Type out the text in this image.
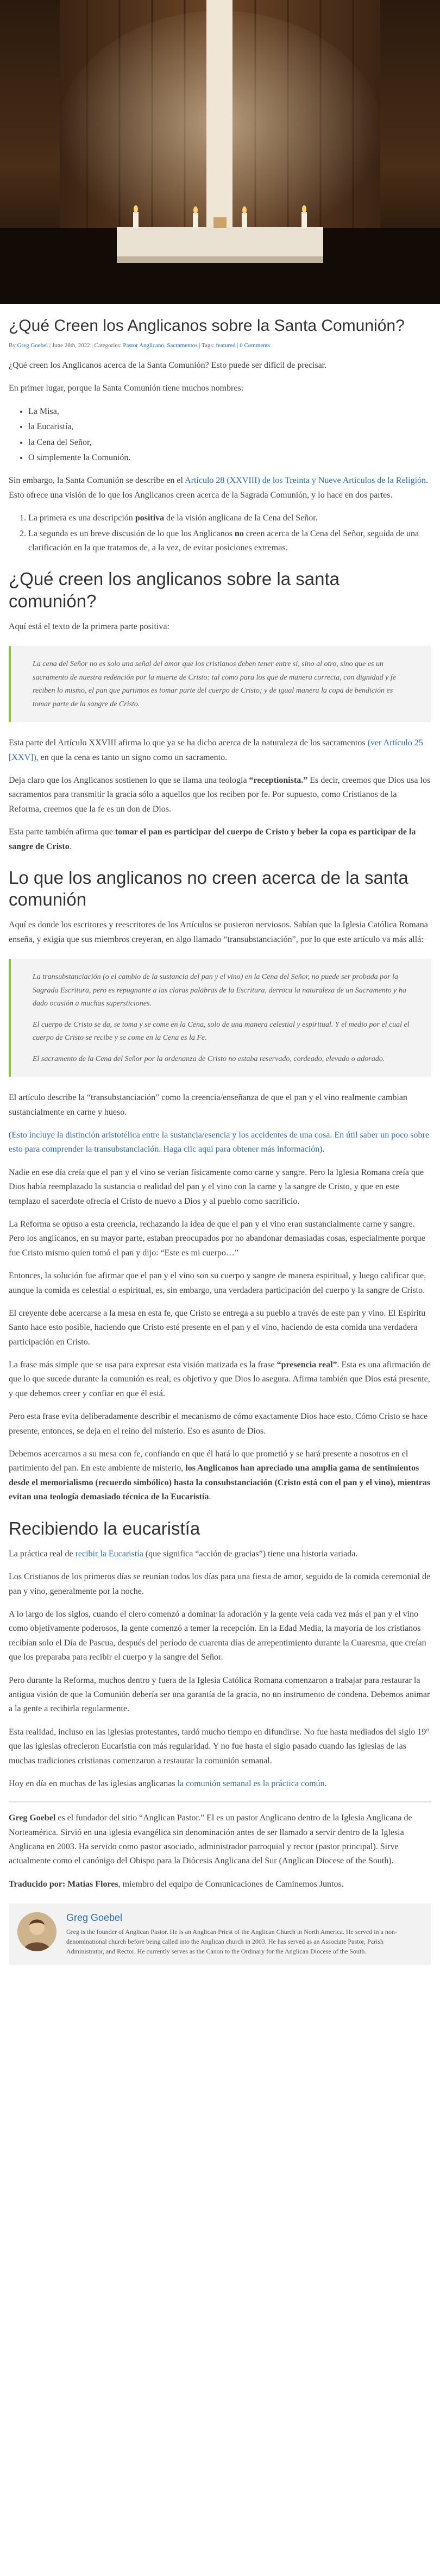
¿Qué Creen los Anglicanos sobre la Santa Comunión?
By Greg Goebel | June 28th, 2022 | Categories: Pastor Anglicano, Sacramentos | Tags: featured | 0 Comments

¿Qué creen los Anglicanos acerca de la Santa Comunión? Esto puede ser difícil de precisar.

En primer lugar, porque la Santa Comunión tiene muchos nombres:

• La Misa,
• la Eucaristía,
• la Cena del Señor,
• O simplemente la Comunión.

Sin embargo, la Santa Comunión se describe en el Artículo 28 (XXVIII) de los Treinta y Nueve Artículos de la Religión. Esto ofrece una visión de lo que los Anglicanos creen acerca de la Sagrada Comunión, y lo hace en dos partes.

1. La primera es una descripción positiva de la visión anglicana de la Cena del Señor.
2. La segunda es un breve discusión de lo que los Anglicanos no creen acerca de la Cena del Señor, seguida de una clarificación en la que tratamos de, a la vez, de evitar posiciones extremas.
¿Qué creen los anglicanos sobre la santa comunión?

Aquí está el texto de la primera parte positiva:

La cena del Señor no es solo una señal del amor que los cristianos deben tener entre sí, sino al otro, sino que es un sacramento de nuestra redención por la muerte de Cristo: tal como para los que de manera correcta, con dignidad y fe reciben lo mismo, el pan que partimos es tomar parte del cuerpo de Cristo; y de igual manera la copa de bendición es tomar parte de la sangre de Cristo.

Esta parte del Artículo XXVIII afirma lo que ya se ha dicho acerca de la naturaleza de los sacramentos (ver Artículo 25 [XXV]), en que la cena es tanto un signo como un sacramento.

Deja claro que los Anglicanos sostienen lo que se llama una teología “receptionista.” Es decir, creemos que Dios usa los sacramentos para transmitir la gracia sólo a aquellos que los reciben por fe. Por supuesto, como Cristianos de la Reforma, creemos que la fe es un don de Dios.

Esta parte también afirma que tomar el pan es participar del cuerpo de Cristo y beber la copa es participar de la sangre de Cristo.

Lo que los anglicanos no creen acerca de la santa comunión

Aquí es donde los escritores y reescritores de los Artículos se pusieron nerviosos. Sabían que la Iglesia Católica Romana enseña, y exigía que sus miembros creyeran, en algo llamado “transubstanciación”, por lo que este artículo va más allá:

La transubstanciación (o el cambio de la sustancia del pan y el vino) en la Cena del Señor, no puede ser probada por la Sagrada Escritura, pero es repugnante a las claras palabras de la Escritura, derroca la naturaleza de un Sacramento y ha dado ocasión a muchas supersticiones.

El cuerpo de Cristo se da, se toma y se come en la Cena, solo de una manera celestial y espiritual. Y el medio por el cual el cuerpo de Cristo se recibe y se come en la Cena es la Fe.

El sacramento de la Cena del Señor por la ordenanza de Cristo no estaba reservado, cordeado, elevado o adorado.

El artículo describe la “transubstanciación” como la creencia/enseñanza de que el pan y el vino realmente cambian sustancialmente en carne y hueso.

(Esto incluye la distinción aristotélica entre la sustancia/esencia y los accidentes de una cosa. En útil saber un poco sobre esto para comprender la transubstanciación. Haga clic aquí para obtener más información).

Nadie en ese día creía que el pan y el vino se verían físicamente como carne y sangre. Pero la Iglesia Romana creía que Dios había reemplazado la sustancia o realidad del pan y el vino con la carne y la sangre de Cristo, y que en este templazo el sacerdote ofrecía el Cristo de nuevo a Dios y al pueblo como sacrificio.

La Reforma se opuso a esta creencia, rechazando la idea de que el pan y el vino eran sustancialmente carne y sangre. Pero los anglicanos, en su mayor parte, estaban preocupados por no abandonar demasiadas cosas, especialmente porque fue Cristo mismo quien tomó el pan y dijo: “Este es mi cuerpo…”

Entonces, la solución fue afirmar que el pan y el vino son su cuerpo y sangre de manera espiritual, y luego calificar que, aunque la comida es celestial o espiritual, es, sin embargo, una verdadera participación del cuerpo y la sangre de Cristo.

El creyente debe acercarse a la mesa en esta fe, que Cristo se entrega a su pueblo a través de este pan y vino. El Espíritu Santo hace esto posible, haciendo que Cristo esté presente en el pan y el vino, haciendo de esta comida una verdadera participación en Cristo.

La frase más simple que se usa para expresar esta visión matizada es la frase “presencia real”. Esta es una afirmación de que lo que sucede durante la comunión es real, es objetivo y que Dios lo asegura. Afirma también que Dios está presente, y que debemos creer y confiar en que él está.

Pero esta frase evita deliberadamente describir el mecanismo de cómo exactamente Dios hace esto. Cómo Cristo se hace presente, entonces, se deja en el reino del misterio. Eso es asunto de Dios.

Debemos acercarnos a su mesa con fe, confiando en que él hará lo que prometió y se hará presente a nosotros en el partimiento del pan. En este ambiente de misterio, los Anglicanos han apreciado una amplia gama de sentimientos desde el memorialismo (recuerdo simbólico) hasta la consubstanciación (Cristo está con el pan y el vino), mientras evitan una teología demasiado técnica de la Eucaristía.

Recibiendo la eucaristía

La práctica real de recibir la Eucaristía (que significa “acción de gracias”) tiene una historia variada.

Los Cristianos de los primeros días se reunían todos los días para una fiesta de amor, seguido de la comida ceremonial de pan y vino, generalmente por la noche.

A lo largo de los siglos, cuando el clero comenzó a dominar la adoración y la gente veía cada vez más el pan y el vino como objetivamente poderosos, la gente comenzó a temer la recepción. En la Edad Media, la mayoría de los cristianos recibían solo el Día de Pascua, después del período de cuarenta días de arrepentimiento durante la Cuaresma, que creían que los preparaba para recibir el cuerpo y la sangre del Señor.

Pero durante la Reforma, muchos dentro y fuera de la Iglesia Católica Romana comenzaron a trabajar para restaurar la antigua visión de que la Comunión debería ser una garantía de la gracia, no un instrumento de condena. Debemos animar a la gente a recibirla regularmente.

Esta realidad, incluso en las iglesias protestantes, tardó mucho tiempo en difundirse. No fue hasta mediados del siglo 19° que las iglesias ofrecieron Eucaristía con más regularidad. Y no fue hasta el siglo pasado cuando las iglesias de las muchas tradiciones cristianas comenzaron a restaurar la comunión semanal.

Hoy en día en muchas de las iglesias anglicanas la comunión semanal es la práctica común.

Greg Goebel es el fundador del sitio “Anglican Pastor.” El es un pastor Anglicano dentro de la Iglesia Anglicana de Norteamérica. Sirvió en una iglesia evangélica sin denominación antes de ser llamado a servir dentro de la Iglesia Anglicana en 2003. Ha servido como pastor asociado, administrador parroquial y rector (pastor principal). Sirve actualmente como el canónigo del Obispo para la Diócesis Anglicana del Sur (Anglican Diocese of the South).

Traducido por: Matías Flores, miembro del equipo de Comunicaciones de Caminemos Juntos.

Greg Goebel

Greg is the founder of Anglican Pastor. He is an Anglican Priest of the Anglican Church in North America. He served in a non-denominational church before being called into the Anglican church in 2003. He has served as an Associate Pastor, Parish Administrator, and Rector. He currently serves as the Canon to the Ordinary for the Anglican Diocese of the South.
